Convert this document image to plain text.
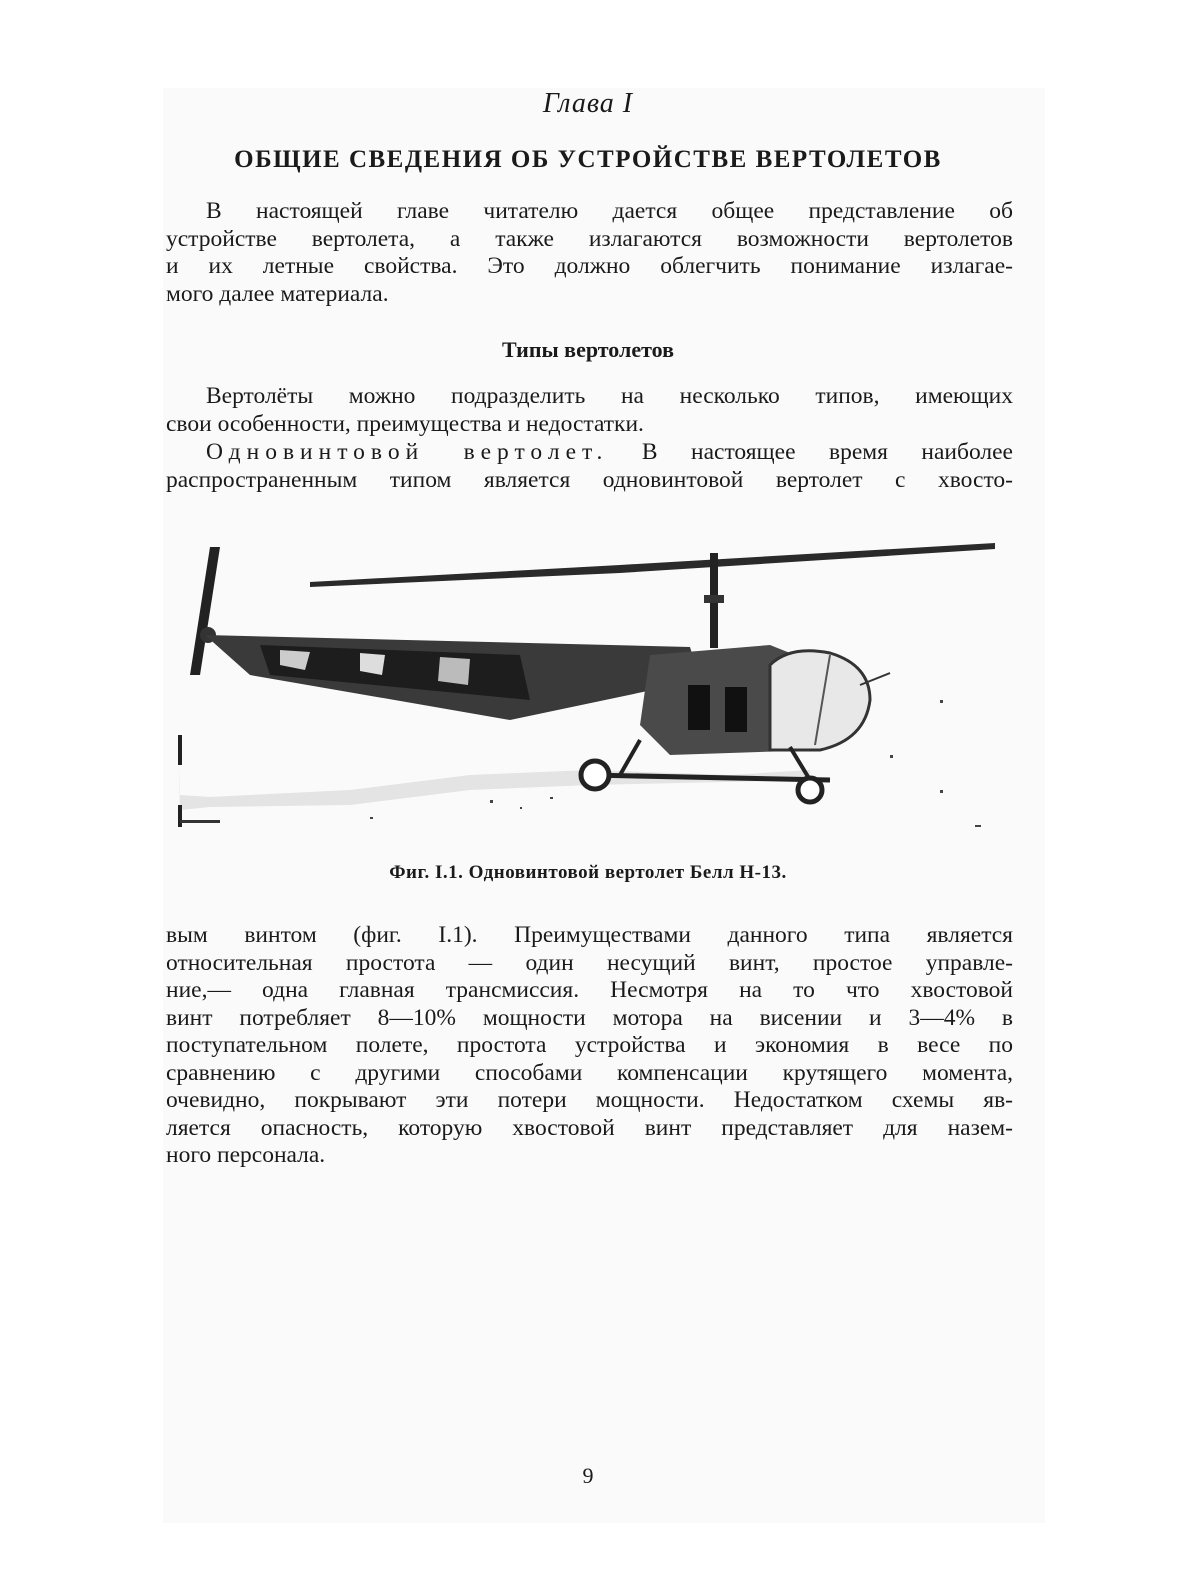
Глава I
ОБЩИЕ СВЕДЕНИЯ ОБ УСТРОЙСТВЕ ВЕРТОЛЕТОВ
В настоящей главе читателю дается общее представление об
устройстве вертолета, а также излагаются возможности вертолетов
и их летные свойства. Это должно облегчить понимание излагае-
мого далее материала.
Типы вертолетов
Вертолёты можно подразделить на несколько типов, имеющих
свои особенности, преимущества и недостатки.
Одновинтовой вертолет. В настоящее время наиболее
распространенным типом является одновинтовой вертолет с хвосто-
Фиг. I.1. Одновинтовой вертолет Белл Н-13.
вым винтом (фиг. I.1). Преимуществами данного типа является
относительная простота — один несущий винт, простое управле-
ние,— одна главная трансмиссия. Несмотря на то что хвостовой
винт потребляет 8—10% мощности мотора на висении и 3—4% в
поступательном полете, простота устройства и экономия в весе по
сравнению с другими способами компенсации крутящего момента,
очевидно, покрывают эти потери мощности. Недостатком схемы яв-
ляется опасность, которую хвостовой винт представляет для назем-
ного персонала.
9
